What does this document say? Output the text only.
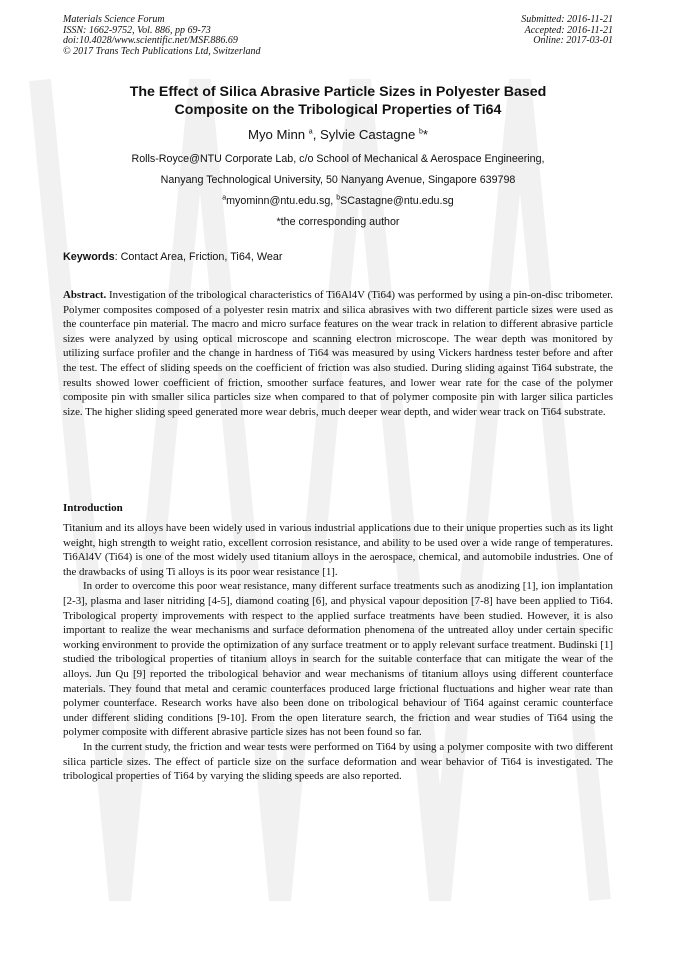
Materials Science Forum
ISSN: 1662-9752, Vol. 886, pp 69-73
doi:10.4028/www.scientific.net/MSF.886.69
© 2017 Trans Tech Publications Ltd, Switzerland
Submitted: 2016-11-21
Accepted: 2016-11-21
Online: 2017-03-01
The Effect of Silica Abrasive Particle Sizes in Polyester Based
Composite on the Tribological Properties of Ti64
Myo Minn $^a$, Sylvie Castagne $^b$*
Rolls-Royce@NTU Corporate Lab, c/o School of Mechanical & Aerospace Engineering,
Nanyang Technological University, 50 Nanyang Avenue, Singapore 639798
$^a$myominn@ntu.edu.sg, $^b$SCastagne@ntu.edu.sg
*the corresponding author
Keywords: Contact Area, Friction, Ti64, Wear
Abstract. Investigation of the tribological characteristics of Ti6Al4V (Ti64) was performed by using a pin-on-disc tribometer. Polymer composites composed of a polyester resin matrix and silica abrasives with two different particle sizes were used as the counterface pin material. The macro and micro surface features on the wear track in relation to different abrasive particle sizes were analyzed by using optical microscope and scanning electron microscope. The wear depth was monitored by utilizing surface profiler and the change in hardness of Ti64 was measured by using Vickers hardness tester before and after the test. The effect of sliding speeds on the coefficient of friction was also studied. During sliding against Ti64 substrate, the results showed lower coefficient of friction, smoother surface features, and lower wear rate for the case of the polymer composite pin with smaller silica particles size when compared to that of polymer composite pin with larger silica particles size. The higher sliding speed generated more wear debris, much deeper wear depth, and wider wear track on Ti64 substrate.
Introduction

Titanium and its alloys have been widely used in various industrial applications due to their unique properties such as its light weight, high strength to weight ratio, excellent corrosion resistance, and ability to be used over a wide range of temperatures. Ti6Al4V (Ti64) is one of the most widely used titanium alloys in the aerospace, chemical, and automobile industries. One of the drawbacks of using Ti alloys is its poor wear resistance [1].

In order to overcome this poor wear resistance, many different surface treatments such as anodizing [1], ion implantation [2-3], plasma and laser nitriding [4-5], diamond coating [6], and physical vapour deposition [7-8] have been applied to Ti64. Tribological property improvements with respect to the applied surface treatments have been studied. However, it is also important to realize the wear mechanisms and surface deformation phenomena of the untreated alloy under certain specific working environment to provide the optimization of any surface treatment or to apply relevant surface treatment. Budinski [1] studied the tribological properties of titanium alloys in search for the suitable conterface that can mitigate the wear of the alloys. Jun Qu [9] reported the tribological behavior and wear mechanisms of titanium alloys using different counterface materials. They found that metal and ceramic counterfaces produced large frictional fluctuations and higher wear rate than polymer counterface. Research works have also been done on tribological behaviour of Ti64 against ceramic counterface under different sliding conditions [9-10]. From the open literature search, the friction and wear studies of Ti64 using the polymer composite with different abrasive particle sizes has not been found so far.

In the current study, the friction and wear tests were performed on Ti64 by using a polymer composite with two different silica particle sizes. The effect of particle size on the surface deformation and wear behavior of Ti64 is investigated. The tribological properties of Ti64 by varying the sliding speeds are also reported.
